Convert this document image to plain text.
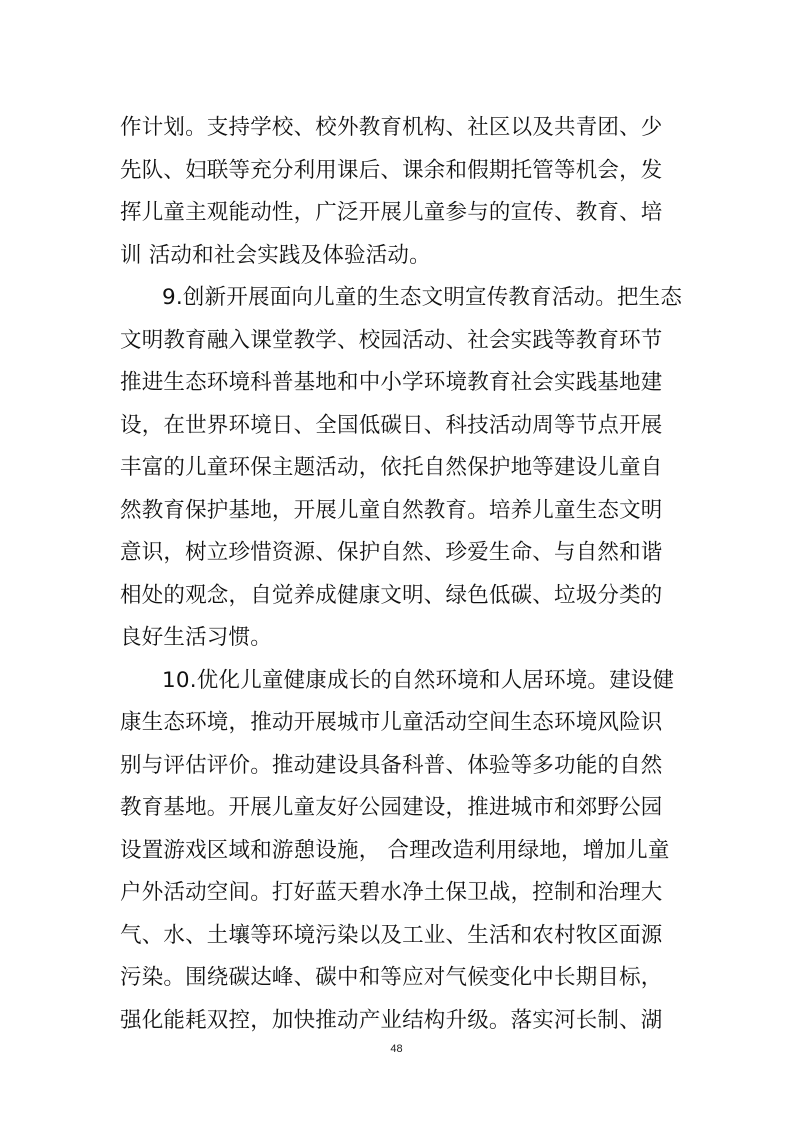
作计划。支持学校、校外教育机构、社区以及共青团、少
先队、妇联等充分利用课后、课余和假期托管等机会，发
挥儿童主观能动性，广泛开展儿童参与的宣传、教育、培
训 活动和社会实践及体验活动。
9.创新开展面向儿童的生态文明宣传教育活动。把生态
文明教育融入课堂教学、校园活动、社会实践等教育环节
推进生态环境科普基地和中小学环境教育社会实践基地建
设，在世界环境日、全国低碳日、科技活动周等节点开展
丰富的儿童环保主题活动，依托自然保护地等建设儿童自
然教育保护基地，开展儿童自然教育。培养儿童生态文明
意识，树立珍惜资源、保护自然、珍爱生命、与自然和谐
相处的观念，自觉养成健康文明、绿色低碳、垃圾分类的
良好生活习惯。
10.优化儿童健康成长的自然环境和人居环境。建设健
康生态环境，推动开展城市儿童活动空间生态环境风险识
别与评估评价。推动建设具备科普、体验等多功能的自然
教育基地。开展儿童友好公园建设，推进城市和郊野公园
设置游戏区域和游憩设施， 合理改造利用绿地，增加儿童
户外活动空间。打好蓝天碧水净土保卫战，控制和治理大
气、水、土壤等环境污染以及工业、生活和农村牧区面源
污染。围绕碳达峰、碳中和等应对气候变化中长期目标，
强化能耗双控，加快推动产业结构升级。落实河长制、湖
48
